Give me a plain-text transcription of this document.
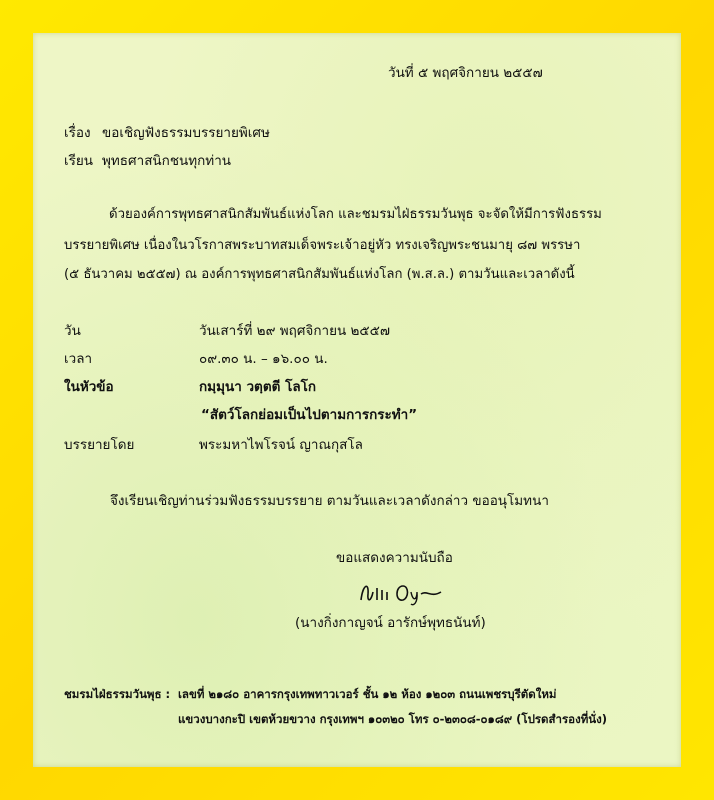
วันที่ ๕ พฤศจิกายน ๒๕๕๗
เรื่อง ขอเชิญฟังธรรมบรรยายพิเศษ
เรียน พุทธศาสนิกชนทุกท่าน
ด้วยองค์การพุทธศาสนิกสัมพันธ์แห่งโลก และชมรมไฝ่ธรรมวันพุธ จะจัดให้มีการฟังธรรม
บรรยายพิเศษ เนื่องในวโรกาสพระบาทสมเด็จพระเจ้าอยู่หัว ทรงเจริญพระชนมายุ ๘๗ พรรษา
(๕ ธันวาคม ๒๕๕๗) ณ องค์การพุทธศาสนิกสัมพันธ์แห่งโลก (พ.ส.ล.) ตามวันและเวลาดังนี้
วัน	วันเสาร์ที่ ๒๙ พฤศจิกายน ๒๕๕๗
เวลา	๐๙.๓๐ น. – ๑๖.๐๐ น.
ในหัวข้อ	กมฺมุนา วตฺตตี โลโก
“สัตว์โลกย่อมเป็นไปตามการกระทำ”
บรรยายโดย	พระมหาไพโรจน์ ญาณกุสโล
จึงเรียนเชิญท่านร่วมฟังธรรมบรรยาย ตามวันและเวลาดังกล่าว ขออนุโมทนา
ขอแสดงความนับถือ
(นางกิ่งกาญจน์ อารักษ์พุทธนันท์)
ชมรมไฝ่ธรรมวันพุธ : เลขที่ ๒๑๘๐ อาคารกรุงเทพทาวเวอร์ ชั้น ๑๒ ห้อง ๑๒๐๓ ถนนเพชรบุรีตัดใหม่
แขวงบางกะปิ เขตห้วยขวาง กรุงเทพฯ ๑๐๓๒๐ โทร ๐-๒๓๐๘-๐๑๘๙ (โปรดสำรองที่นั่ง)
